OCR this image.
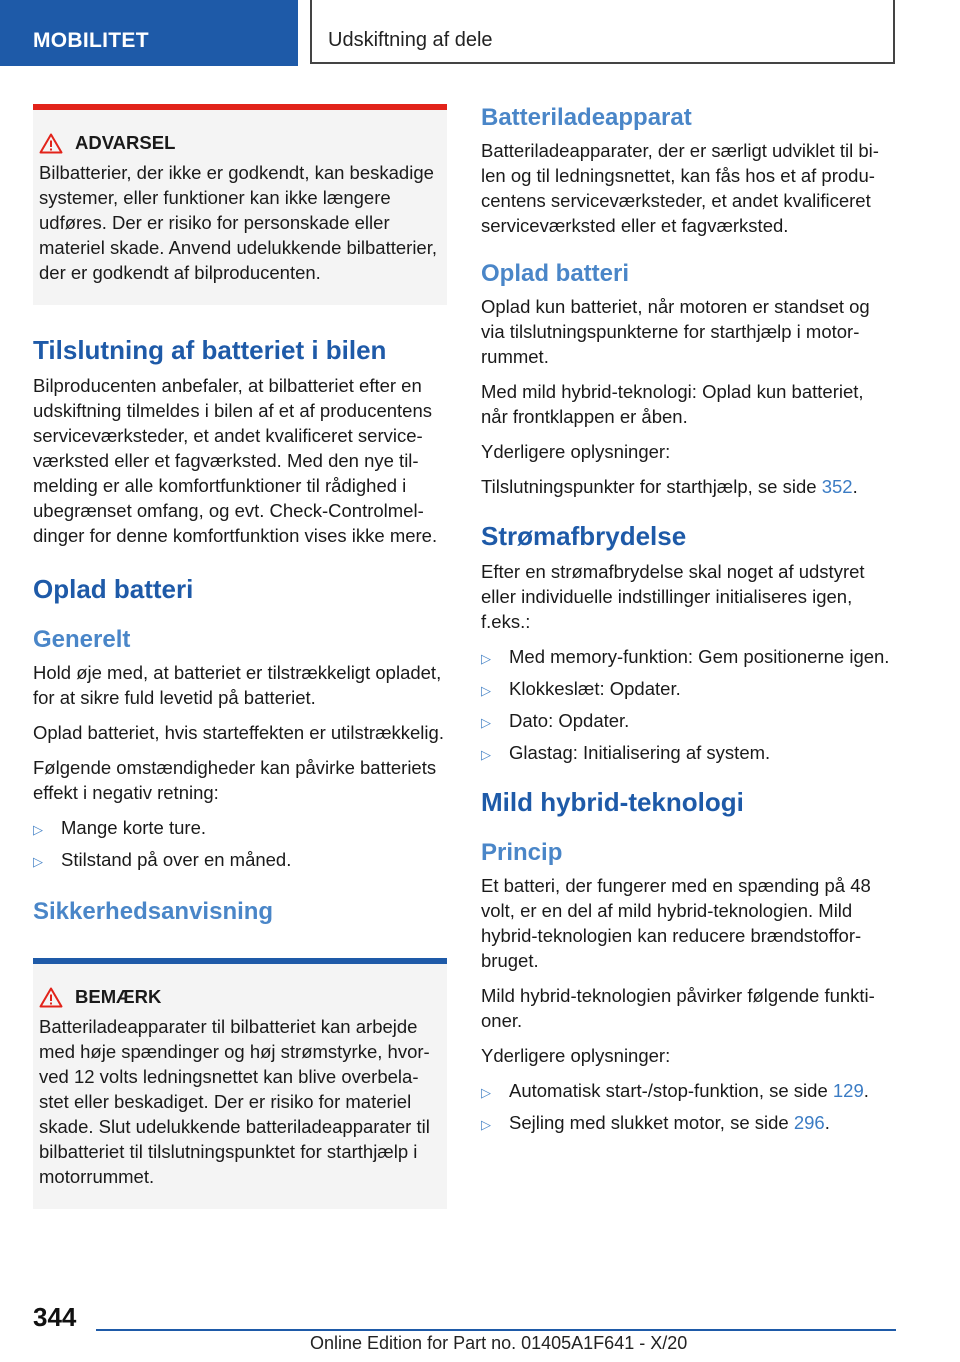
MOBILITET	Udskiftning af dele
ADVARSEL

Bilbatterier, der ikke er godkendt, kan beskadige systemer, eller funktioner kan ikke længere udføres. Der er risiko for personskade eller materiel skade. Anvend udelukkende bilbatterier, der er godkendt af bilproducenten.

Tilslutning af batteriet i bilen

Bilproducenten anbefaler, at bilbatteriet efter en udskiftning tilmeldes i bilen af et af producentens serviceværksteder, et andet kvalificeret serviceværksted eller et fagværksted. Med den nye tilmelding er alle komfortfunktioner til rådighed i ubegrænset omfang, og evt. Check-Controlmeldinger for denne komfortfunktion vises ikke mere.

Oplad batteri
Generelt

Hold øje med, at batteriet er tilstrækkeligt opladet, for at sikre fuld levetid på batteriet.

Oplad batteriet, hvis starteffekten er utilstrækkelig.

Følgende omstændigheder kan påvirke batteriets effekt i negativ retning:

▷ Mange korte ture.
▷ Stilstand på over en måned.
Sikkerhedsanvisning
BEMÆRK

Batteriladeapparater til bilbatteriet kan arbejde med høje spændinger og høj strømstyrke, hvorved 12 volts ledningsnettet kan blive overbelastet eller beskadiget. Der er risiko for materiel skade. Slut udelukkende batteriladeapparater til bilbatteriet til tilslutningspunktet for starthjælp i motorrummet.

Batteriladeapparat

Batteriladeapparater, der er særligt udviklet til bilen og til ledningsnettet, kan fås hos et af producentens serviceværksteder, et andet kvalificeret serviceværksted eller et fagværksted.

Oplad batteri

Oplad kun batteriet, når motoren er standset og via tilslutningspunkterne for starthjælp i motorrummet.

Med mild hybrid-teknologi: Oplad kun batteriet, når frontklappen er åben.

Yderligere oplysninger:

Tilslutningspunkter for starthjælp, se side 352.

Strømafbrydelse

Efter en strømafbrydelse skal noget af udstyret eller individuelle indstillinger initialiseres igen, f.eks.:

▷ Med memory-funktion: Gem positionerne igen.
▷ Klokkeslæt: Opdater.
▷ Dato: Opdater.
▷ Glastag: Initialisering af system.
Mild hybrid-teknologi
Princip

Et batteri, der fungerer med en spænding på 48 volt, er en del af mild hybrid-teknologien. Mild hybrid-teknologien kan reducere brændstofforbruget.

Mild hybrid-teknologien påvirker følgende funktioner.

Yderligere oplysninger:

▷ Automatisk start-/stop-funktion, se side 129.
▷ Sejling med slukket motor, se side 296.
344
Online Edition for Part no. 01405A1F641 - X/20
